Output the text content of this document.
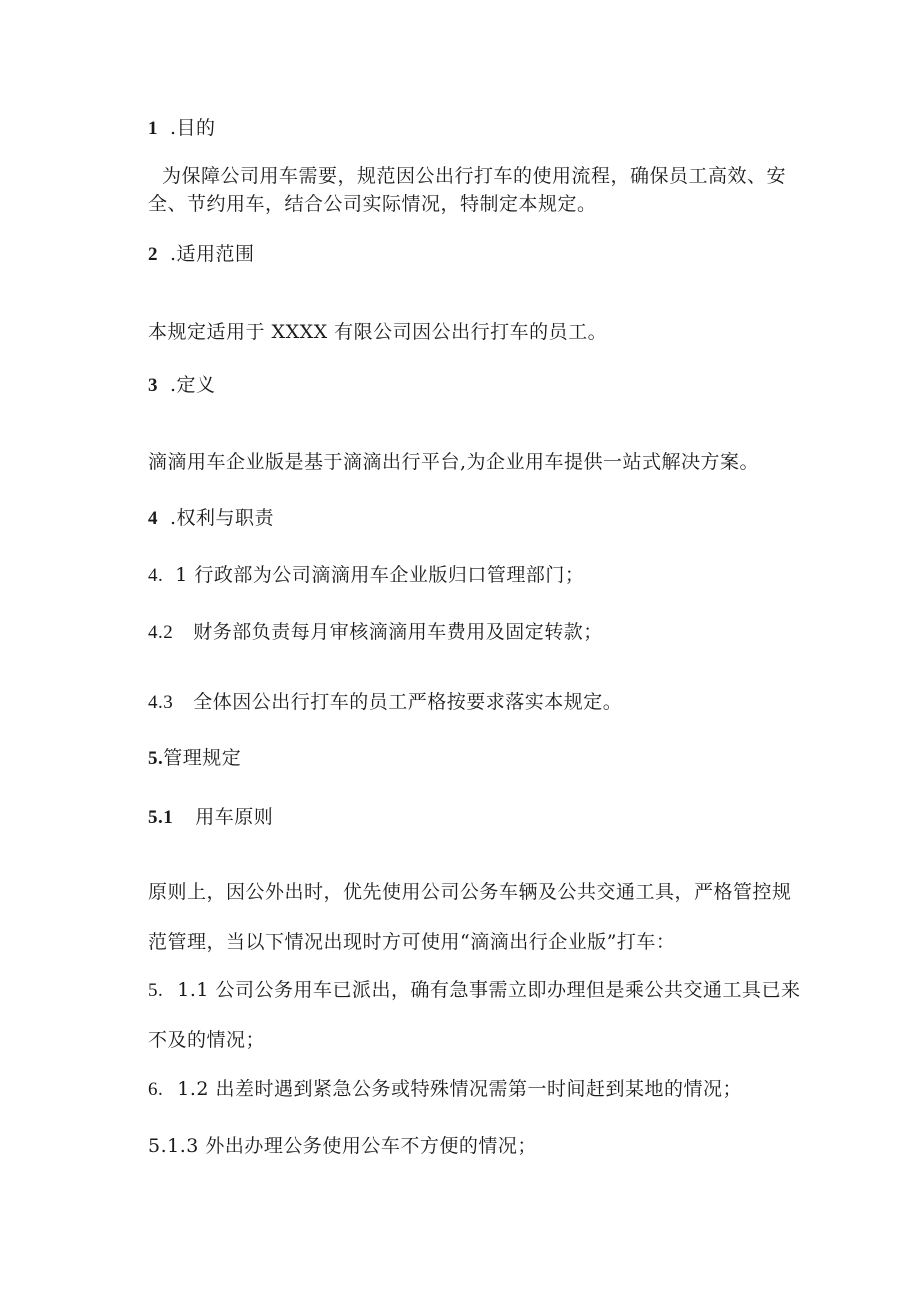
1 .目的
为保障公司用车需要，规范因公出行打车的使用流程，确保员工高效、安
全、节约用车，结合公司实际情况，特制定本规定。
2 .适用范围
本规定适用于 XXXX 有限公司因公出行打车的员工。
3 .定义
滴滴用车企业版是基于滴滴出行平台,为企业用车提供一站式解决方案。
4 .权利与职责
4. 1 行政部为公司滴滴用车企业版归口管理部门；
4.2 财务部负责每月审核滴滴用车费用及固定转款；
4.3 全体因公出行打车的员工严格按要求落实本规定。
5.管理规定
5.1 用车原则
原则上，因公外出时，优先使用公司公务车辆及公共交通工具，严格管控规
范管理，当以下情况出现时方可使用“滴滴出行企业版”打车：
5. 1.1 公司公务用车已派出，确有急事需立即办理但是乘公共交通工具已来
不及的情况；
6. 1.2 出差时遇到紧急公务或特殊情况需第一时间赶到某地的情况；
5.1.3 外出办理公务使用公车不方便的情况；
